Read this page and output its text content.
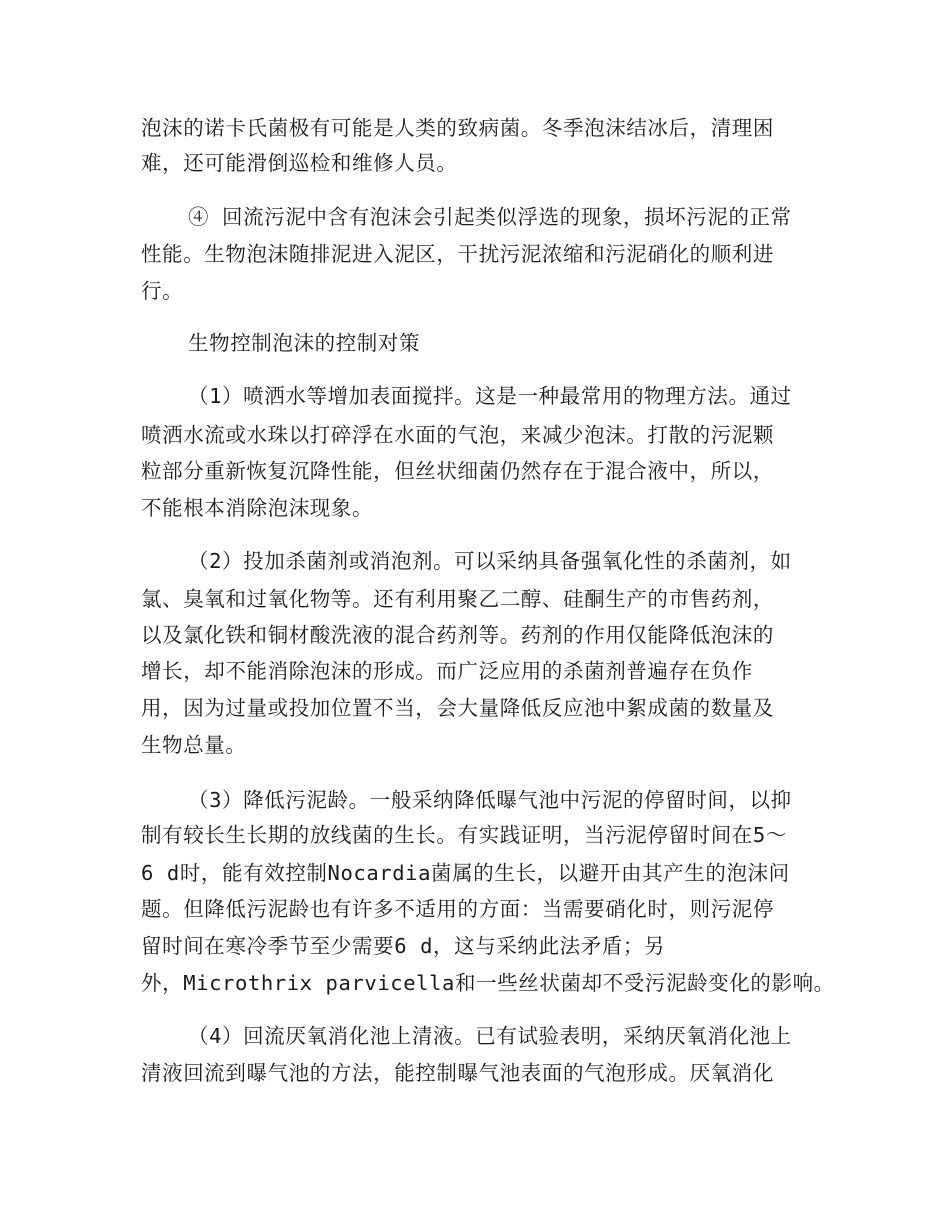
泡沫的诺卡氏菌极有可能是人类的致病菌。冬季泡沫结冰后，清理困
难，还可能滑倒巡检和维修人员。
④ 回流污泥中含有泡沫会引起类似浮选的现象，损坏污泥的正常
性能。生物泡沫随排泥进入泥区，干扰污泥浓缩和污泥硝化的顺利进
行。
生物控制泡沫的控制对策
（1）喷洒水等增加表面搅拌。这是一种最常用的物理方法。通过
喷洒水流或水珠以打碎浮在水面的气泡，来减少泡沫。打散的污泥颗
粒部分重新恢复沉降性能，但丝状细菌仍然存在于混合液中，所以，
不能根本消除泡沫现象。
（2）投加杀菌剂或消泡剂。可以采纳具备强氧化性的杀菌剂，如
氯、臭氧和过氧化物等。还有利用聚乙二醇、硅酮生产的市售药剂，
以及氯化铁和铜材酸洗液的混合药剂等。药剂的作用仅能降低泡沫的
增长，却不能消除泡沫的形成。而广泛应用的杀菌剂普遍存在负作
用，因为过量或投加位置不当，会大量降低反应池中絮成菌的数量及
生物总量。
（3）降低污泥龄。一般采纳降低曝气池中污泥的停留时间，以抑
制有较长生长期的放线菌的生长。有实践证明，当污泥停留时间在5～
6 d时，能有效控制Nocardia菌属的生长，以避开由其产生的泡沫问
题。但降低污泥龄也有许多不适用的方面：当需要硝化时，则污泥停
留时间在寒冷季节至少需要6 d，这与采纳此法矛盾；另
外，Microthrix parvicella和一些丝状菌却不受污泥龄变化的影响。
（4）回流厌氧消化池上清液。已有试验表明，采纳厌氧消化池上
清液回流到曝气池的方法，能控制曝气池表面的气泡形成。厌氧消化
